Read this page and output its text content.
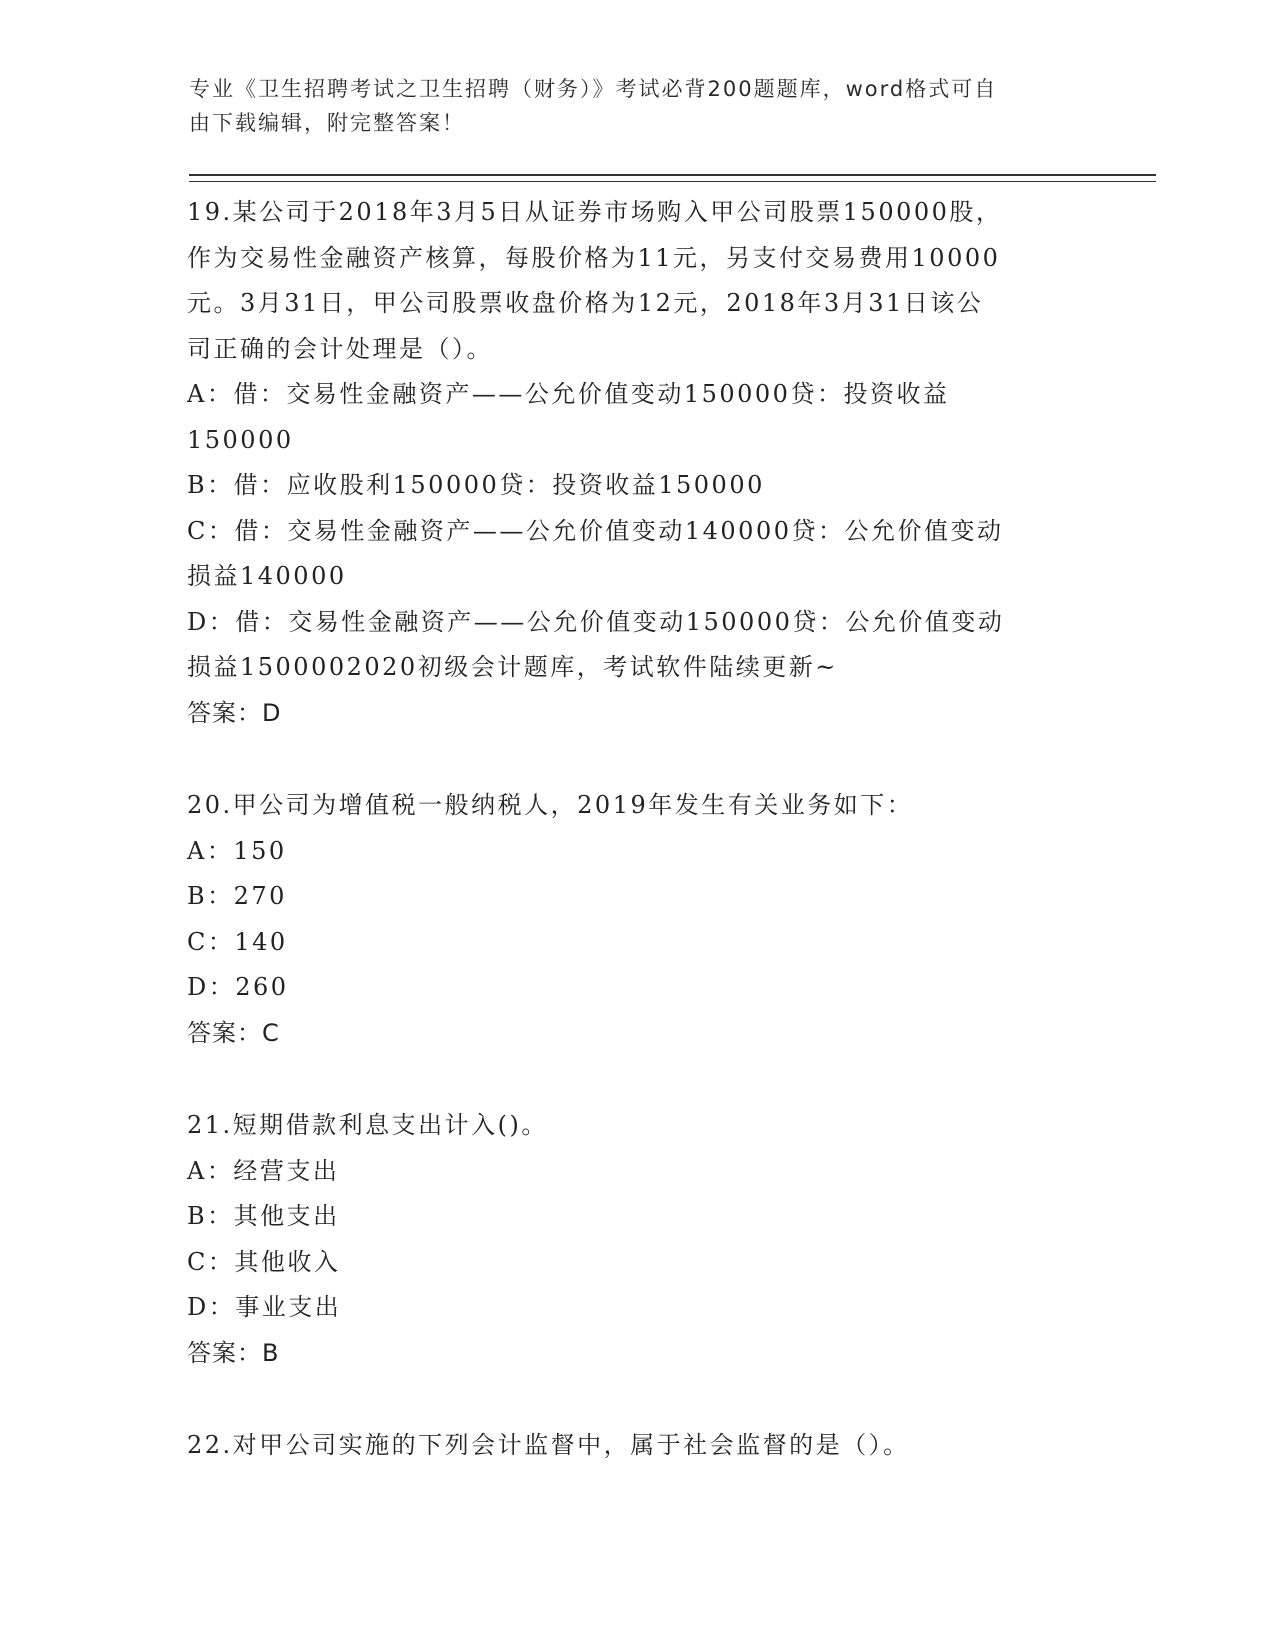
专业《卫生招聘考试之卫生招聘（财务）》考试必背200题题库，word格式可自
由下载编辑，附完整答案！

19.某公司于2018年3月5日从证券市场购入甲公司股票150000股，

作为交易性金融资产核算，每股价格为11元，另支付交易费用10000

元。3月31日，甲公司股票收盘价格为12元，2018年3月31日该公

司正确的会计处理是（）。

A：借：交易性金融资产——公允价值变动150000贷：投资收益

150000

B：借：应收股利150000贷：投资收益150000

C：借：交易性金融资产——公允价值变动140000贷：公允价值变动

损益140000

D：借：交易性金融资产——公允价值变动150000贷：公允价值变动

损益1500002020初级会计题库，考试软件陆续更新~

答案：D

20.甲公司为增值税一般纳税人，2019年发生有关业务如下：

A：150

B：270

C：140

D：260

答案：C

21.短期借款利息支出计入()。

A：经营支出

B：其他支出

C：其他收入

D：事业支出

答案：B

22.对甲公司实施的下列会计监督中，属于社会监督的是（）。
